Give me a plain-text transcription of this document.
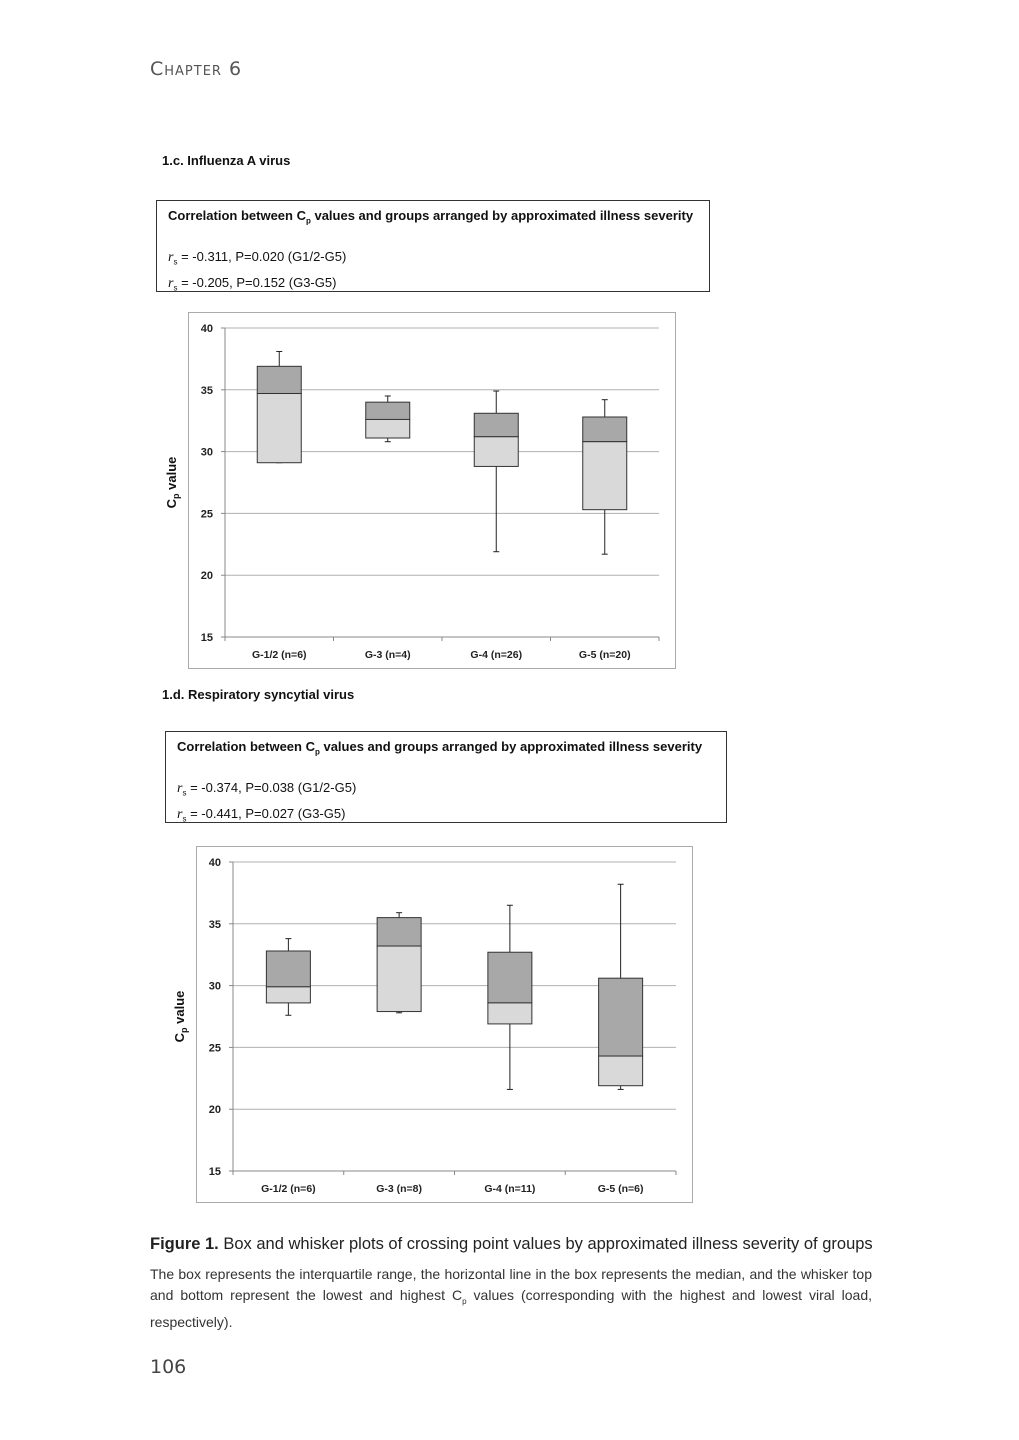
Chapter 6
1.c. Influenza A virus
Correlation between $C_p$ values and groups arranged by approximated illness severity
$r_s = -0.311$, P=0.020 (G1/2-G5)
$r_s = -0.205$, P=0.152 (G3-G5)
15
20
25
30
35
40
$C_p$ value
G-1/2 (n=6)	G-3 (n=4)	G-4 (n=26)	G-5 (n=20)
1.d. Respiratory syncytial virus
Correlation between $C_p$ values and groups arranged by approximated illness severity
$r_s = -0.374$, P=0.038 (G1/2-G5)
$r_s = -0.441$, P=0.027 (G3-G5)
15
20
25
30
35
40
$C_p$ value
G-1/2 (n=6)	G-3 (n=8)	G-4 (n=11)	G-5 (n=6)
Figure 1. Box and whisker plots of crossing point values by approximated illness severity of groups
The box represents the interquartile range, the horizontal line in the box represents the median, and the whisker top and bottom represent the lowest and highest $C_p$ values (corresponding with the highest and lowest viral load, respectively).
106
